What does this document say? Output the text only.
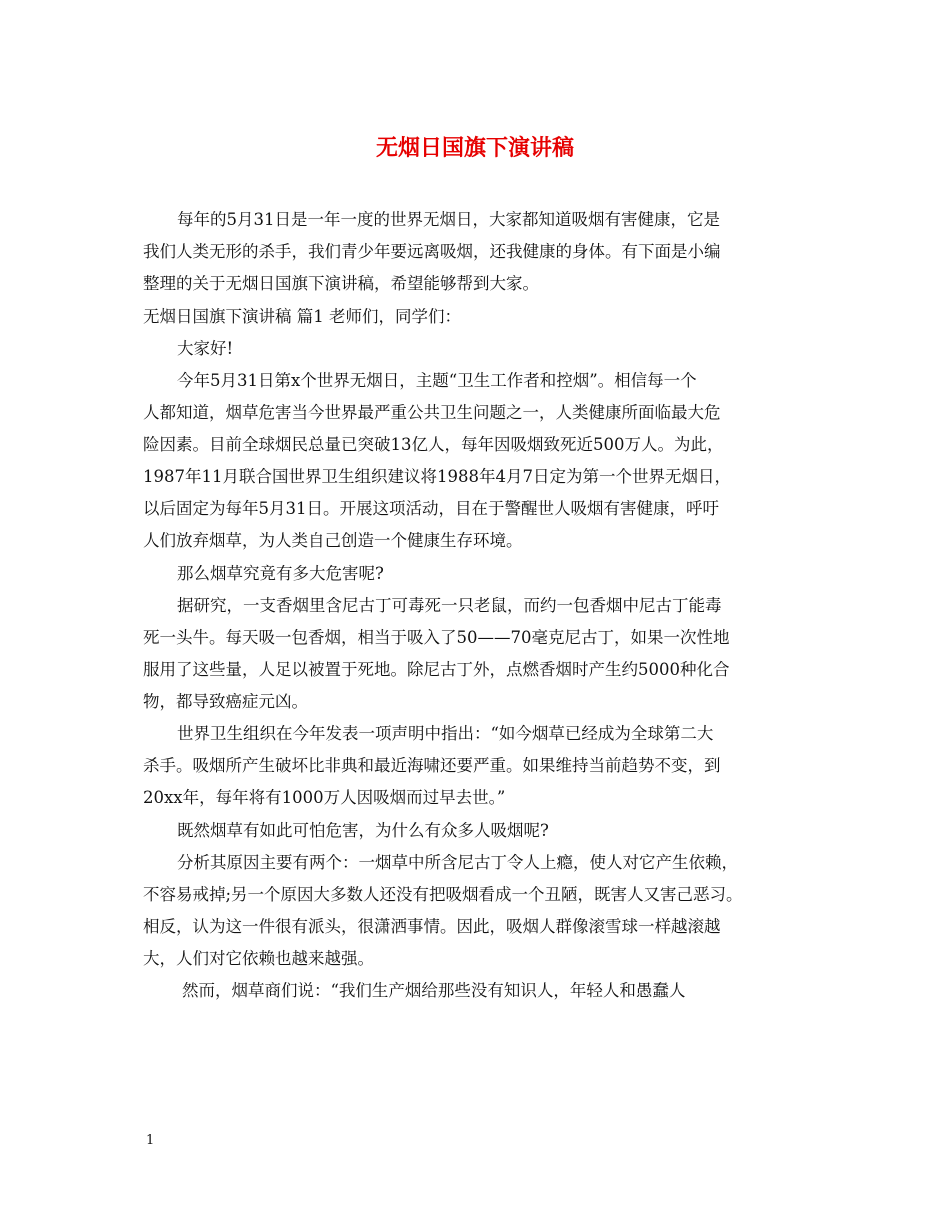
无烟日国旗下演讲稿
每年的5月31日是一年一度的世界无烟日，大家都知道吸烟有害健康，它是
我们人类无形的杀手，我们青少年要远离吸烟，还我健康的身体。有下面是小编
整理的关于无烟日国旗下演讲稿，希望能够帮到大家。
无烟日国旗下演讲稿 篇1 老师们，同学们：
大家好!
今年5月31日第x个世界无烟日，主题“卫生工作者和控烟”。相信每一个
人都知道，烟草危害当今世界最严重公共卫生问题之一，人类健康所面临最大危
险因素。目前全球烟民总量已突破13亿人，每年因吸烟致死近500万人。为此，
1987年11月联合国世界卫生组织建议将1988年4月7日定为第一个世界无烟日，
以后固定为每年5月31日。开展这项活动，目在于警醒世人吸烟有害健康，呼吁
人们放弃烟草，为人类自己创造一个健康生存环境。
那么烟草究竟有多大危害呢?
据研究，一支香烟里含尼古丁可毒死一只老鼠，而约一包香烟中尼古丁能毒
死一头牛。每天吸一包香烟，相当于吸入了50——70毫克尼古丁，如果一次性地
服用了这些量，人足以被置于死地。除尼古丁外，点燃香烟时产生约5000种化合
物，都导致癌症元凶。
世界卫生组织在今年发表一项声明中指出：“如今烟草已经成为全球第二大
杀手。吸烟所产生破坏比非典和最近海啸还要严重。如果维持当前趋势不变，到
20xx年，每年将有1000万人因吸烟而过早去世。”
既然烟草有如此可怕危害，为什么有众多人吸烟呢?
分析其原因主要有两个：一烟草中所含尼古丁令人上瘾，使人对它产生依赖，
不容易戒掉;另一个原因大多数人还没有把吸烟看成一个丑陋，既害人又害己恶习。
相反，认为这一件很有派头，很潇洒事情。因此，吸烟人群像滚雪球一样越滚越
大，人们对它依赖也越来越强。
然而，烟草商们说：“我们生产烟给那些没有知识人，年轻人和愚蠢人
1
